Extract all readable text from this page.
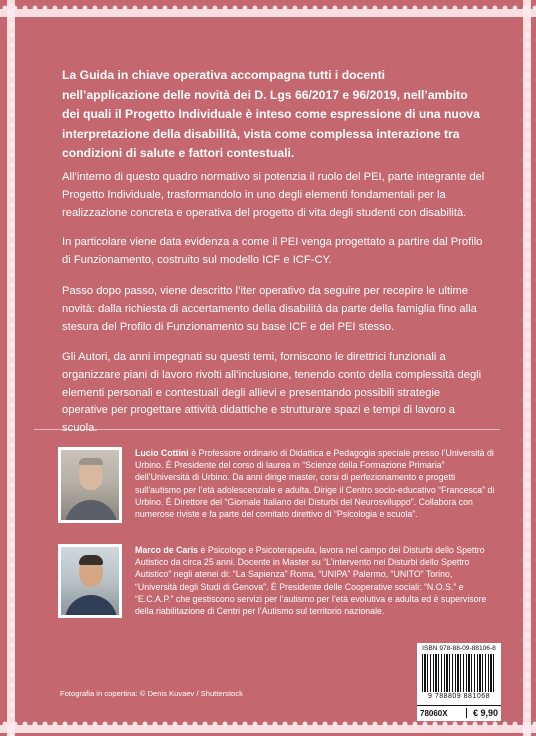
La Guida in chiave operativa accompagna tutti i docenti nell’applicazione delle novità dei D. Lgs 66/2017 e 96/2019, nell’ambito dei quali il Progetto Individuale è inteso come espressione di una nuova interpretazione della disabilità, vista come complessa interazione tra condizioni di salute e fattori contestuali.
All’interno di questo quadro normativo si potenzia il ruolo del PEI, parte integrante del Progetto Individuale, trasformandolo in uno degli elementi fondamentali per la realizzazione concreta e operativa del progetto di vita degli studenti con disabilità.
In particolare viene data evidenza a come il PEI venga progettato a partire dal Profilo di Funzionamento, costruito sul modello ICF e ICF-CY.
Passo dopo passo, viene descritto l’iter operativo da seguire per recepire le ultime novità: dalla richiesta di accertamento della disabilità da parte della famiglia fino alla stesura del Profilo di Funzionamento su base ICF e del PEI stesso.
Gli Autori, da anni impegnati su questi temi, forniscono le direttrici funzionali a organizzare piani di lavoro rivolti all’inclusione, tenendo conto della complessità degli elementi personali e contestuali degli allievi e presentando possibili strategie operative per progettare attività didattiche e strutturare spazi e tempi di lavoro a scuola.
Lucio Cottini è Professore ordinario di Didattica e Pedagogia speciale presso l’Università di Urbino. È Presidente del corso di laurea in “Scienze della Formazione Primaria” dell’Università di Urbino. Da anni dirige master, corsi di perfezionamento e progetti sull’autismo per l’età adolescenziale e adulta. Dirige il Centro socio-educativo “Francesca” di Urbino. È Direttore del “Giornale Italiano dei Disturbi del Neurosviluppo”. Collabora con numerose riviste e fa parte del comitato direttivo di “Psicologia e scuola”.
Marco de Caris è Psicologo e Psicoterapeuta, lavora nel campo dei Disturbi dello Spettro Autistico da circa 25 anni. Docente in Master su “L’intervento nei Disturbi dello Spettro Autistico” negli atenei di: “La Sapienza” Roma, “UNIPA” Palermo, “UNITO” Torino, “Università degli Studi di Genova”. È Presidente delle Cooperative sociali: “N.O.S.” e “E.C.A.P.” che gestiscono servizi per l’autismo per l’età evolutiva e adulta ed è supervisore della riabilitazione di Centri per l’Autismo sul territorio nazionale.
Fotografia in copertina: © Denis Kuvaev / Shutterstock
ISBN 978-88-09-88106-8
9 788809 881068
78060X	€ 9,90
